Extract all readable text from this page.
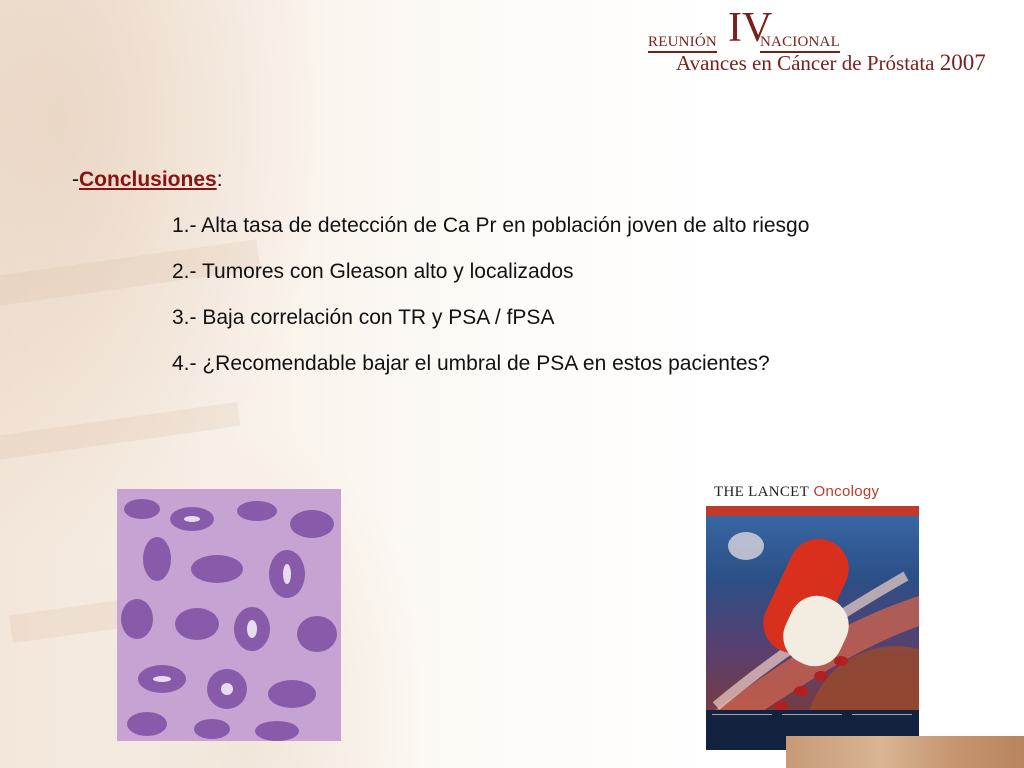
REUNIÓN IV
NACIONAL
Avances en Cáncer de Próstata 2007
-Conclusiones:
1.- Alta tasa de detección de Ca Pr en población joven de alto riesgo
2.- Tumores con Gleason alto y localizados
3.- Baja correlación con TR y PSA / fPSA
4.- ¿Recomendable bajar el umbral de PSA en estos pacientes?
THE LANCET Oncology
